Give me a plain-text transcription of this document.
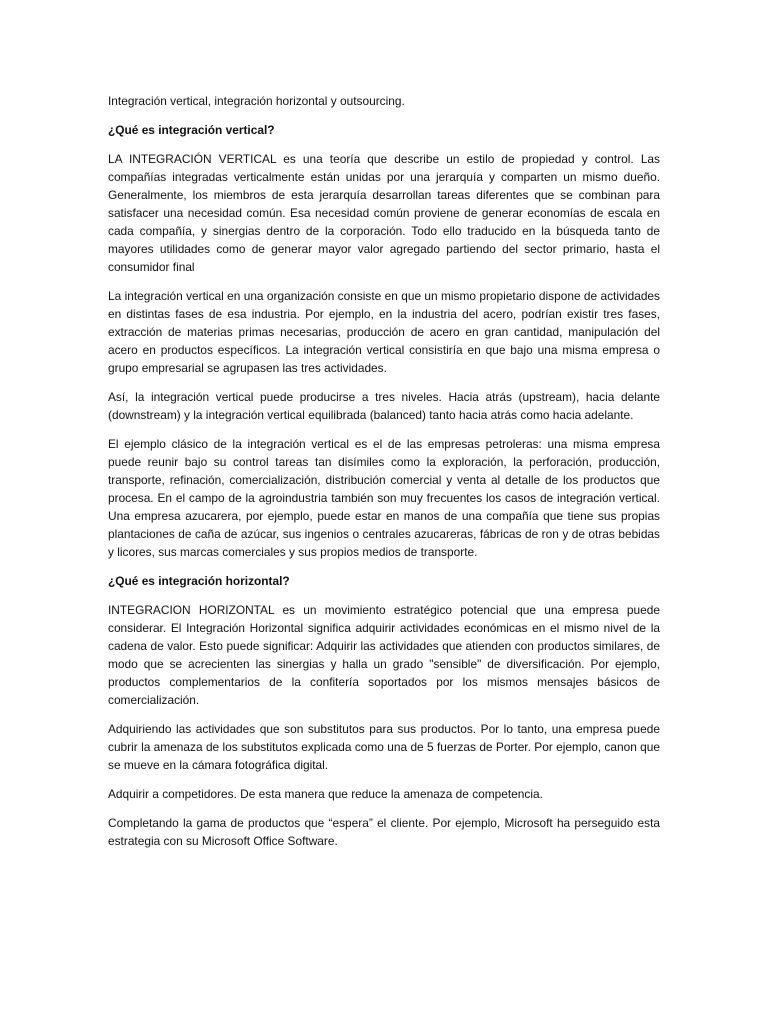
Integración vertical, integración horizontal y outsourcing.

¿Qué es integración vertical?

LA INTEGRACIÓN VERTICAL es una teoría que describe un estilo de propiedad y control. Las compañías integradas verticalmente están unidas por una jerarquía y comparten un mismo dueño. Generalmente, los miembros de esta jerarquía desarrollan tareas diferentes que se combinan para satisfacer una necesidad común. Esa necesidad común proviene de generar economías de escala en cada compañía, y sinergias dentro de la corporación. Todo ello traducido en la búsqueda tanto de mayores utilidades como de generar mayor valor agregado partiendo del sector primario, hasta el consumidor final

La integración vertical en una organización consiste en que un mismo propietario dispone de actividades en distintas fases de esa industria. Por ejemplo, en la industria del acero, podrían existir tres fases, extracción de materias primas necesarias, producción de acero en gran cantidad, manipulación del acero en productos específicos. La integración vertical consistiría en que bajo una misma empresa o grupo empresarial se agrupasen las tres actividades.

Así, la integración vertical puede producirse a tres niveles. Hacia atrás (upstream), hacia delante (downstream) y la integración vertical equilibrada (balanced) tanto hacia atrás como hacia adelante.

El ejemplo clásico de la integración vertical es el de las empresas petroleras: una misma empresa puede reunir bajo su control tareas tan disímiles como la exploración, la perforación, producción, transporte, refinación, comercialización, distribución comercial y venta al detalle de los productos que procesa. En el campo de la agroindustria también son muy frecuentes los casos de integración vertical. Una empresa azucarera, por ejemplo, puede estar en manos de una compañía que tiene sus propias plantaciones de caña de azúcar, sus ingenios o centrales azucareras, fábricas de ron y de otras bebidas y licores, sus marcas comerciales y sus propios medios de transporte.

¿Qué es integración horizontal?

INTEGRACION HORIZONTAL es un movimiento estratégico potencial que una empresa puede considerar. El Integración Horizontal significa adquirir actividades económicas en el mismo nivel de la cadena de valor. Esto puede significar: Adquirir las actividades que atienden con productos similares, de modo que se acrecienten las sinergias y halla un grado "sensible" de diversificación. Por ejemplo, productos complementarios de la confitería soportados por los mismos mensajes básicos de comercialización.

Adquiriendo las actividades que son substitutos para sus productos. Por lo tanto, una empresa puede cubrir la amenaza de los substitutos explicada como una de 5 fuerzas de Porter. Por ejemplo, canon que se mueve en la cámara fotográfica digital.

Adquirir a competidores. De esta manera que reduce la amenaza de competencia.

Completando la gama de productos que “espera” el cliente. Por ejemplo, Microsoft ha perseguido esta estrategia con su Microsoft Office Software.
